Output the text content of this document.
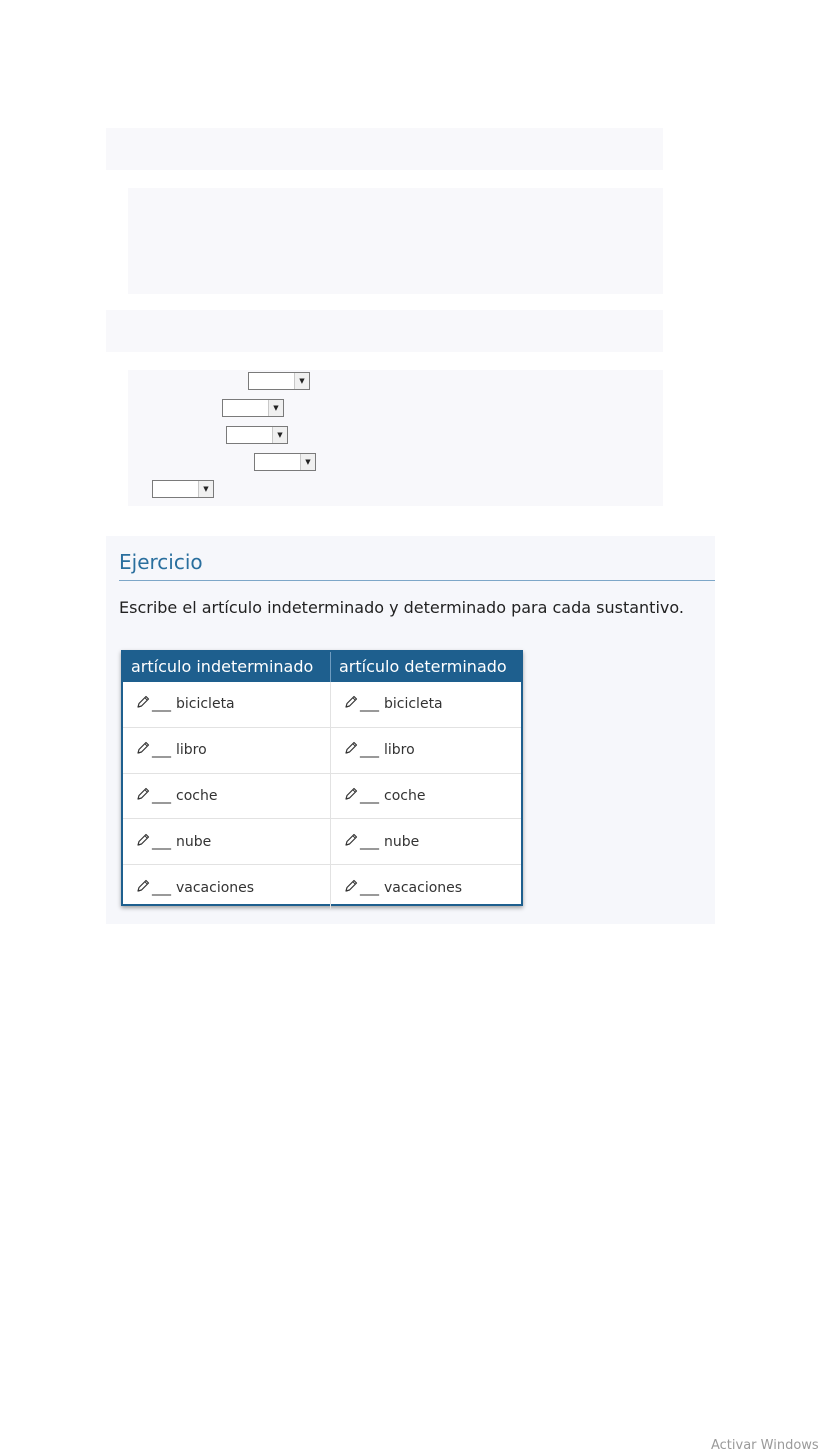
▼
▼
▼
▼
▼
Ejercicio
Escribe el artículo indeterminado y determinado para cada sustantivo.
artículo indeterminado	artículo determinado
___ bicicleta	___ bicicleta
___ libro	___ libro
___ coche	___ coche
___ nube	___ nube
___ vacaciones	___ vacaciones
Activar Windows
